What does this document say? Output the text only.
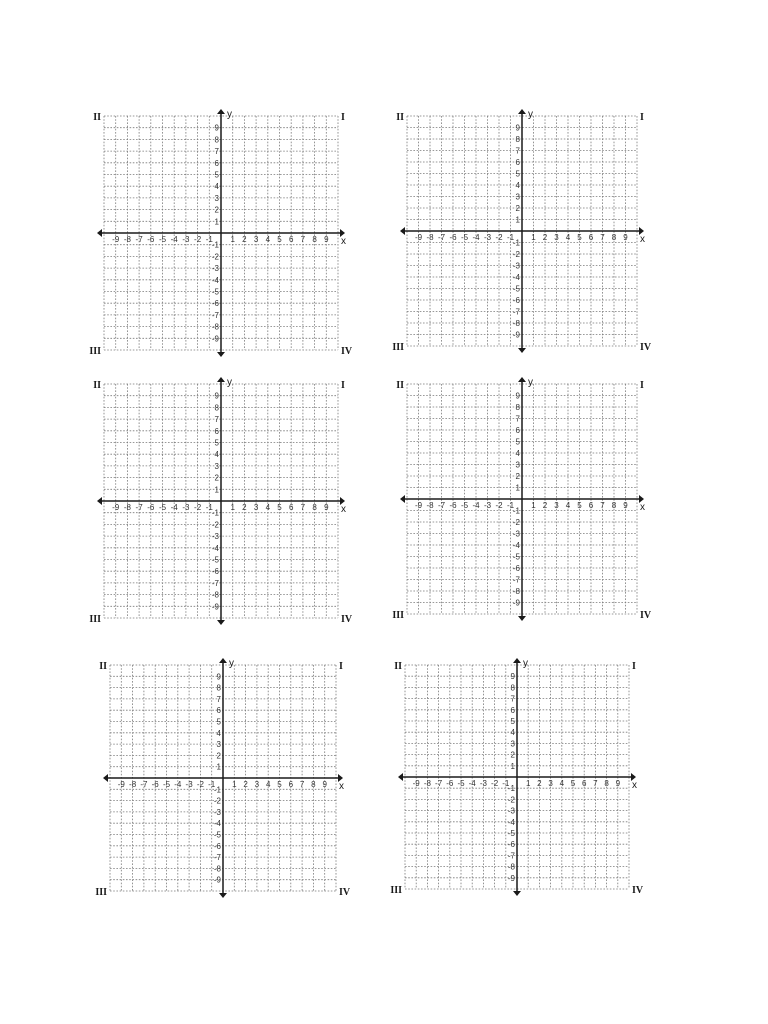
-9 -8 -7 -6 -5 -4 -3 -2 -1 1 2 3 4 5 6 7 8 9
9
8
7
6
5
4
3
2
1
-1
-2
-3
-4
-5
-6
-7
-8
-9
x
y	I
II
III	IV
-9 -8 -7 -6 -5 -4 -3 -2 -1 1 2 3 4 5 6 7 8 9
9
8
7
6
5
4
3
2
1
-1
-2
-3
-4
-5
-6
-7
-8
-9
x
y	I
II
III	IV
-9 -8 -7 -6 -5 -4 -3 -2 -1 1 2 3 4 5 6 7 8 9
9
8
7
6
5
4
3
2
1
-1
-2
-3
-4
-5
-6
-7
-8
-9
x
y	I
II
III	IV
-9 -8 -7 -6 -5 -4 -3 -2 -1 1 2 3 4 5 6 7 8 9
9
8
7
6
5
4
3
2
1
-1
-2
-3
-4
-5
-6
-7
-8
-9
x
y	I
II
III	IV
-9 -8 -7 -6 -5 -4 -3 -2 -1 1 2 3 4 5 6 7 8 9
9
8
7
6
5
4
3
2
1
-1
-2
-3
-4
-5
-6
-7
-8
-9
x
y	I
II
III	IV
-9 -8 -7 -6 -5 -4 -3 -2 -1 1 2 3 4 5 6 7 8 9
9
8
7
6
5
4
3
2
1
-1
-2
-3
-4
-5
-6
-7
-8
-9
x
y	I
II
III	IV
